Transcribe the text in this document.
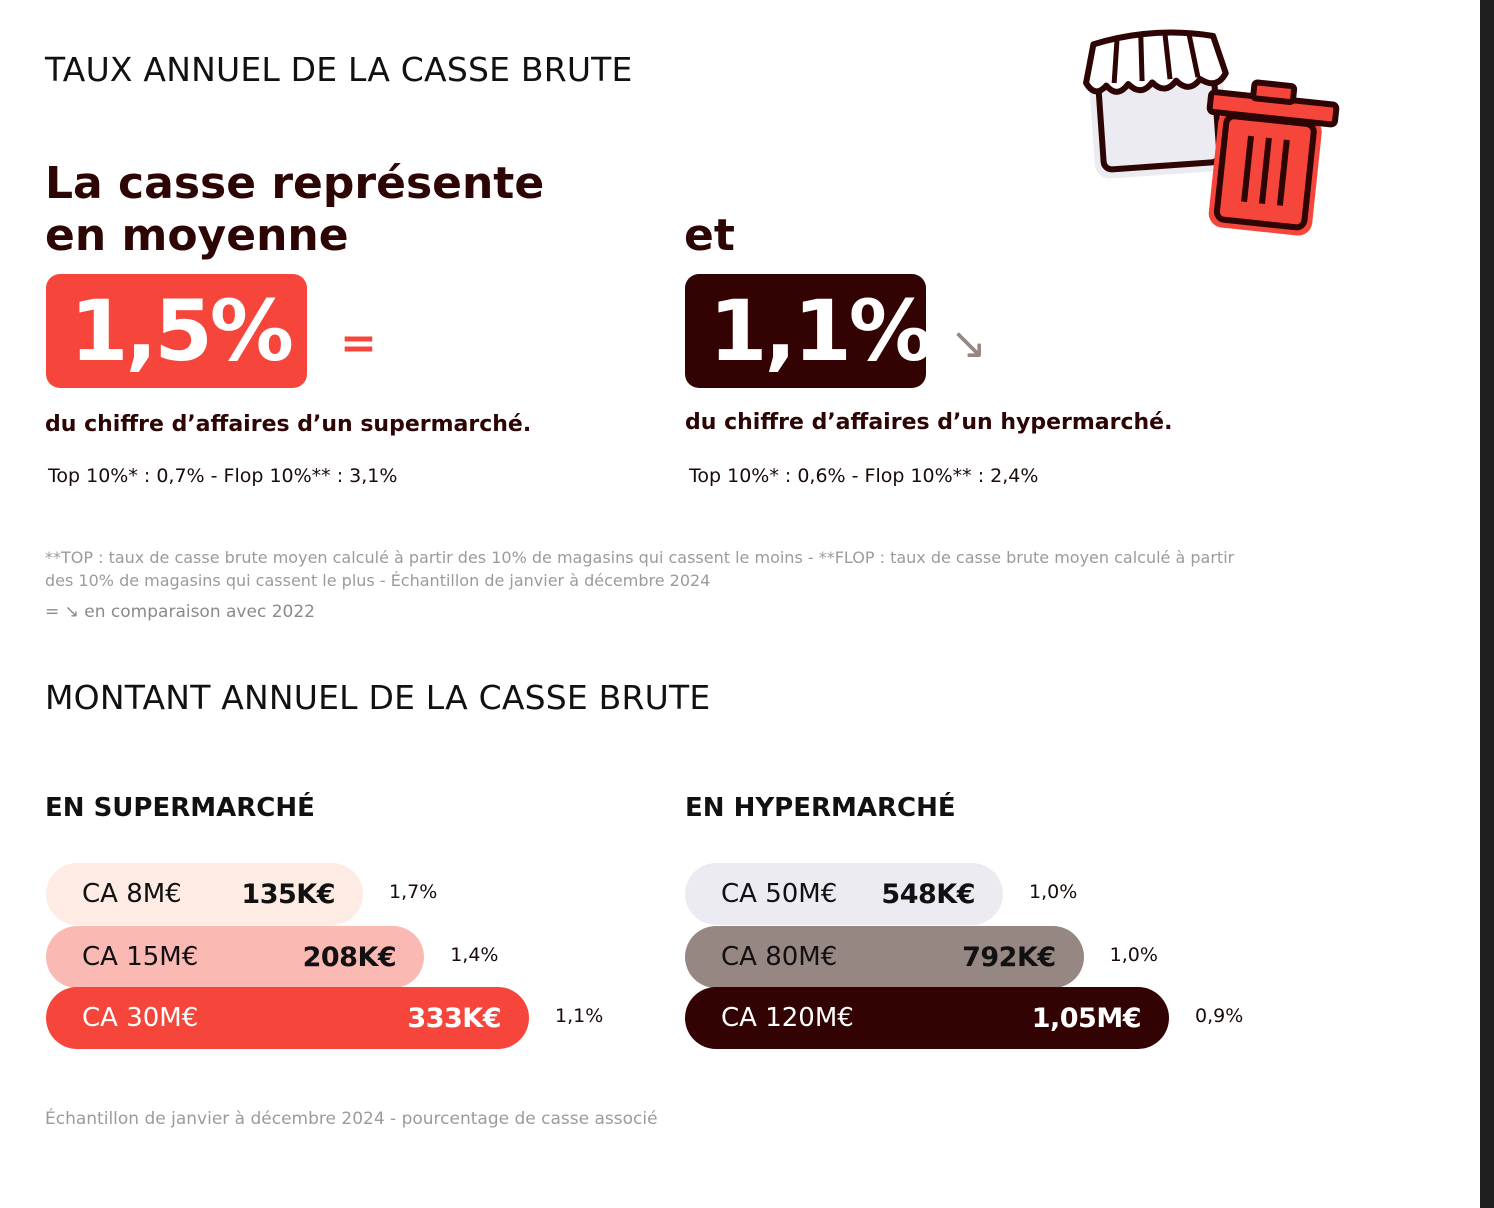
TAUX ANNUEL DE LA CASSE BRUTE

La casse représente

en moyenne	et

1,5%	=	1,1% ↘

du chiffre d’affaires d’un supermarché.	du chiffre d’affaires d’un hypermarché.

Top 10%* : 0,7% - Flop 10%** : 3,1%	Top 10%* : 0,6% - Flop 10%** : 2,4%
**TOP : taux de casse brute moyen calculé à partir des 10% de magasins qui cassent le moins - **FLOP : taux de casse brute moyen calculé à partir
des 10% de magasins qui cassent le plus - Échantillon de janvier à décembre 2024
= ↘ en comparaison avec 2022
MONTANT ANNUEL DE LA CASSE BRUTE
EN SUPERMARCHÉ	EN HYPERMARCHÉ
CA 8M€ 135K€	1,7%
CA 15M€	208K€	1,4%
CA 30M€	333K€	1,1%
CA 50M€ 548K€	1,0%
CA 80M€	792K€	1,0%
CA 120M€	1,05M€	0,9%
Échantillon de janvier à décembre 2024 - pourcentage de casse associé
